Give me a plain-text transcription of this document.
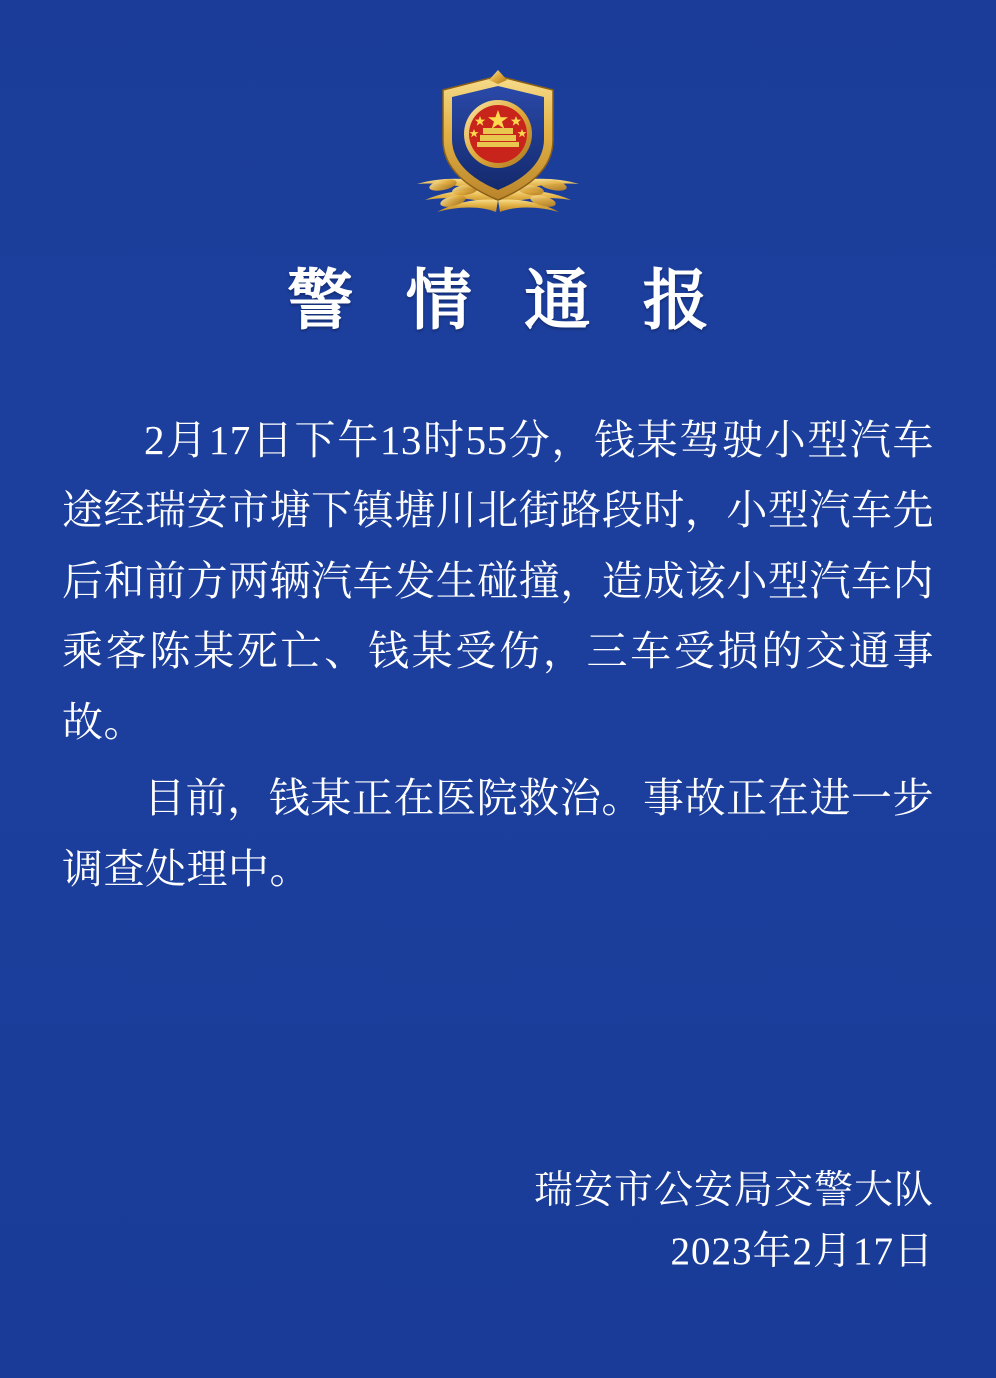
警 情 通 报

2月17日下午13时55分，钱某驾驶小型汽车途经瑞安市塘下镇塘川北街路段时，小型汽车先后和前方两辆汽车发生碰撞，造成该小型汽车内乘客陈某死亡、钱某受伤，三车受损的交通事故。

目前，钱某正在医院救治。事故正在进一步调查处理中。

瑞安市公安局交警大队
2023年2月17日
